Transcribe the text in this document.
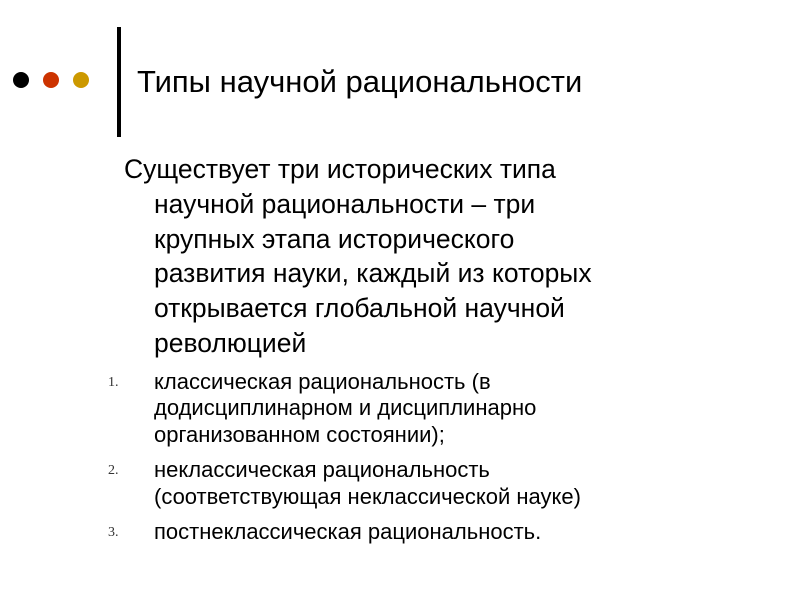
Типы научной рациональности
Существует три исторических типа
научной рациональности – три
крупных этапа исторического
развития науки, каждый из которых
открывается глобальной научной
революцией
1. классическая рациональность (в
додисциплинарном и дисциплинарно
организованном состоянии);
2. неклассическая рациональность
(соответствующая неклассической науке)
3. постнеклассическая рациональность.
